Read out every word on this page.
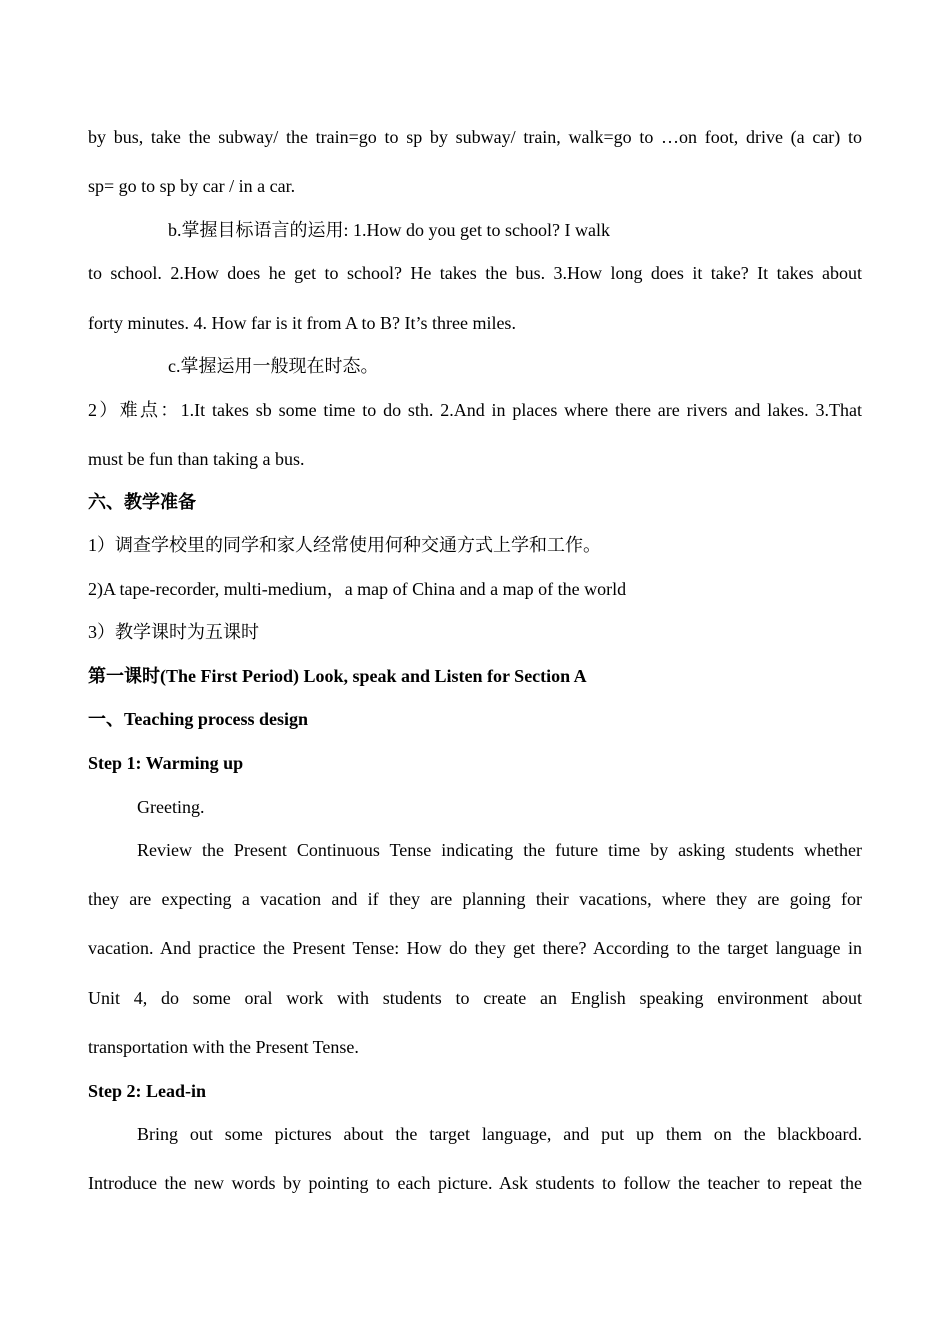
by bus, take the subway/ the train=go to sp by subway/ train, walk=go to …on foot, drive (a car) to
sp= go to sp by car / in a car.
b.掌握目标语言的运用: 1.How do you get to school? I walk
to school. 2.How does he get to school? He takes the bus. 3.How long does it take? It takes about
forty minutes. 4. How far is it from A to B? It’s three miles.
c.掌握运用一般现在时态。
2）难点：1.It takes sb some time to do sth. 2.And in places where there are rivers and lakes. 3.That
must be fun than taking a bus.
六、教学准备
1）调查学校里的同学和家人经常使用何种交通方式上学和工作。
2)A tape-recorder, multi-medium，a map of China and a map of the world
3）教学课时为五课时
第一课时(The First Period) Look, speak and Listen for Section A
一、Teaching process design
Step 1: Warming up
Greeting.
Review the Present Continuous Tense indicating the future time by asking students whether
they are expecting a vacation and if they are planning their vacations, where they are going for
vacation. And practice the Present Tense: How do they get there? According to the target language in
Unit 4, do some oral work with students to create an English speaking environment about
transportation with the Present Tense.
Step 2: Lead-in
Bring out some pictures about the target language, and put up them on the blackboard.
Introduce the new words by pointing to each picture. Ask students to follow the teacher to repeat the
